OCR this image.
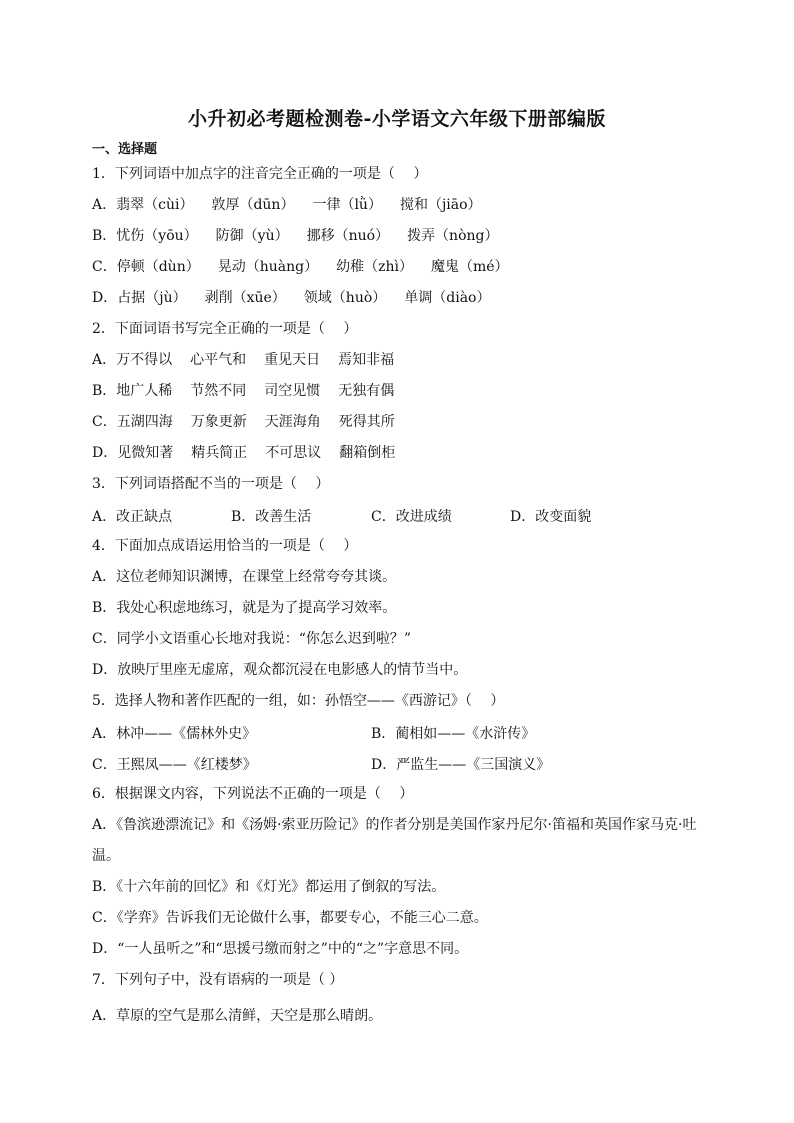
小升初必考题检测卷-小学语文六年级下册部编版
一、选择题
1．下列词语中加点字的注音完全正确的一项是（　 ）
A．翡翠（cùi） 敦厚（dūn） 一律（lǜ） 搅和（jiāo）
B．忧伤（yōu） 防御（yù） 挪移（nuó） 拨弄（nòng）
C．停顿（dùn） 晃动（huàng） 幼稚（zhì） 魔鬼（mé）
D．占据（jù） 剥削（xūe） 领域（huò） 单调（diào）
2．下面词语书写完全正确的一项是（　 ）
A．万不得以 心平气和 重见天日 焉知非福
B．地广人稀 节然不同 司空见惯 无独有偶
C．五湖四海 万象更新 天涯海角 死得其所
D．见微知著 精兵简正 不可思议 翻箱倒柜
3．下列词语搭配不当的一项是（　 ）
A．改正缺点	B．改善生活	C．改进成绩	D．改变面貌
4．下面加点成语运用恰当的一项是（　 ）
A．这位老师知识渊博，在课堂上经常夸夸其谈。
B．我处心积虑地练习，就是为了提高学习效率。
C．同学小文语重心长地对我说：“你怎么迟到啦？”
D．放映厅里座无虚席，观众都沉浸在电影感人的情节当中。
5．选择人物和著作匹配的一组，如：孙悟空——《西游记》（　 ）
A．林冲——《儒林外史》	B．蔺相如——《水浒传》
C．王熙凤——《红楼梦》	D．严监生——《三国演义》
6．根据课文内容，下列说法不正确的一项是（　 ）
A．《鲁滨逊漂流记》和《汤姆·索亚历险记》的作者分别是美国作家丹尼尔·笛福和英国作家马克·吐温。
B．《十六年前的回忆》和《灯光》都运用了倒叙的写法。
C．《学弈》告诉我们无论做什么事，都要专心，不能三心二意。
D．“一人虽听之”和“思援弓缴而射之”中的“之”字意思不同。
7．下列句子中，没有语病的一项是（ ）
A．草原的空气是那么清鲜，天空是那么晴朗。
